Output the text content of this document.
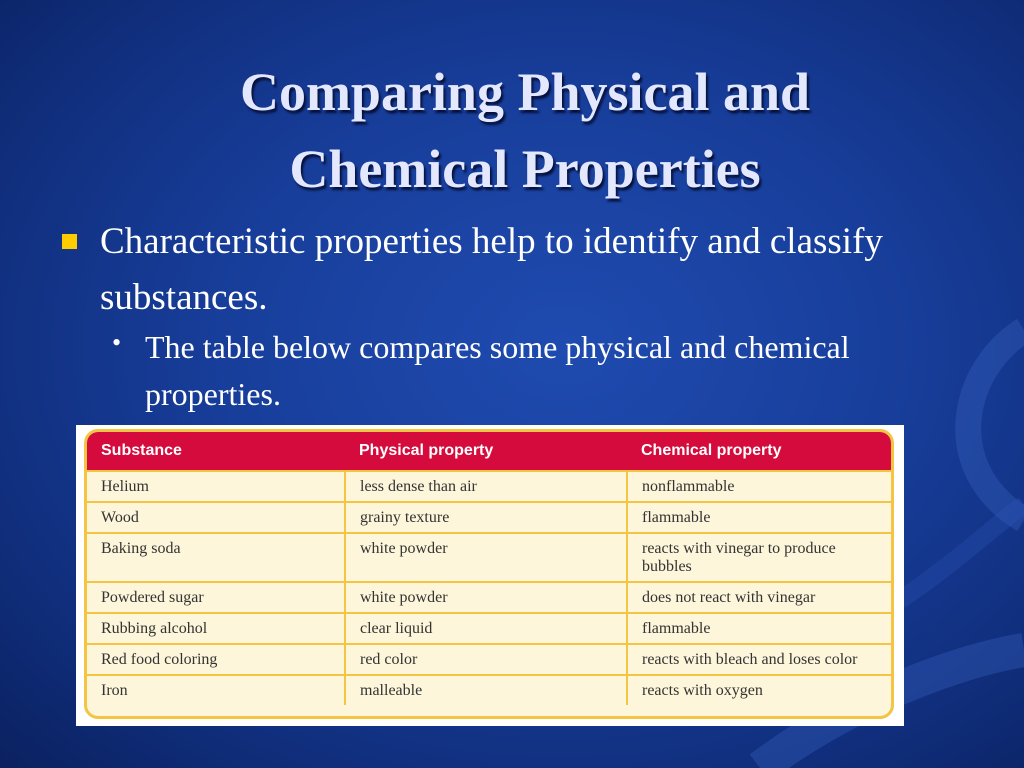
Comparing Physical and
Chemical Properties
Characteristic properties help to identify and classify substances.
• The table below compares some physical and chemical properties.
Substance	Physical property	Chemical property
Helium	less dense than air	nonflammable
Wood	grainy texture	flammable
Baking soda	white powder	reacts with vinegar to produce bubbles
Powdered sugar	white powder	does not react with vinegar
Rubbing alcohol	clear liquid	flammable
Red food coloring	red color	reacts with bleach and loses color
Iron	malleable	reacts with oxygen
